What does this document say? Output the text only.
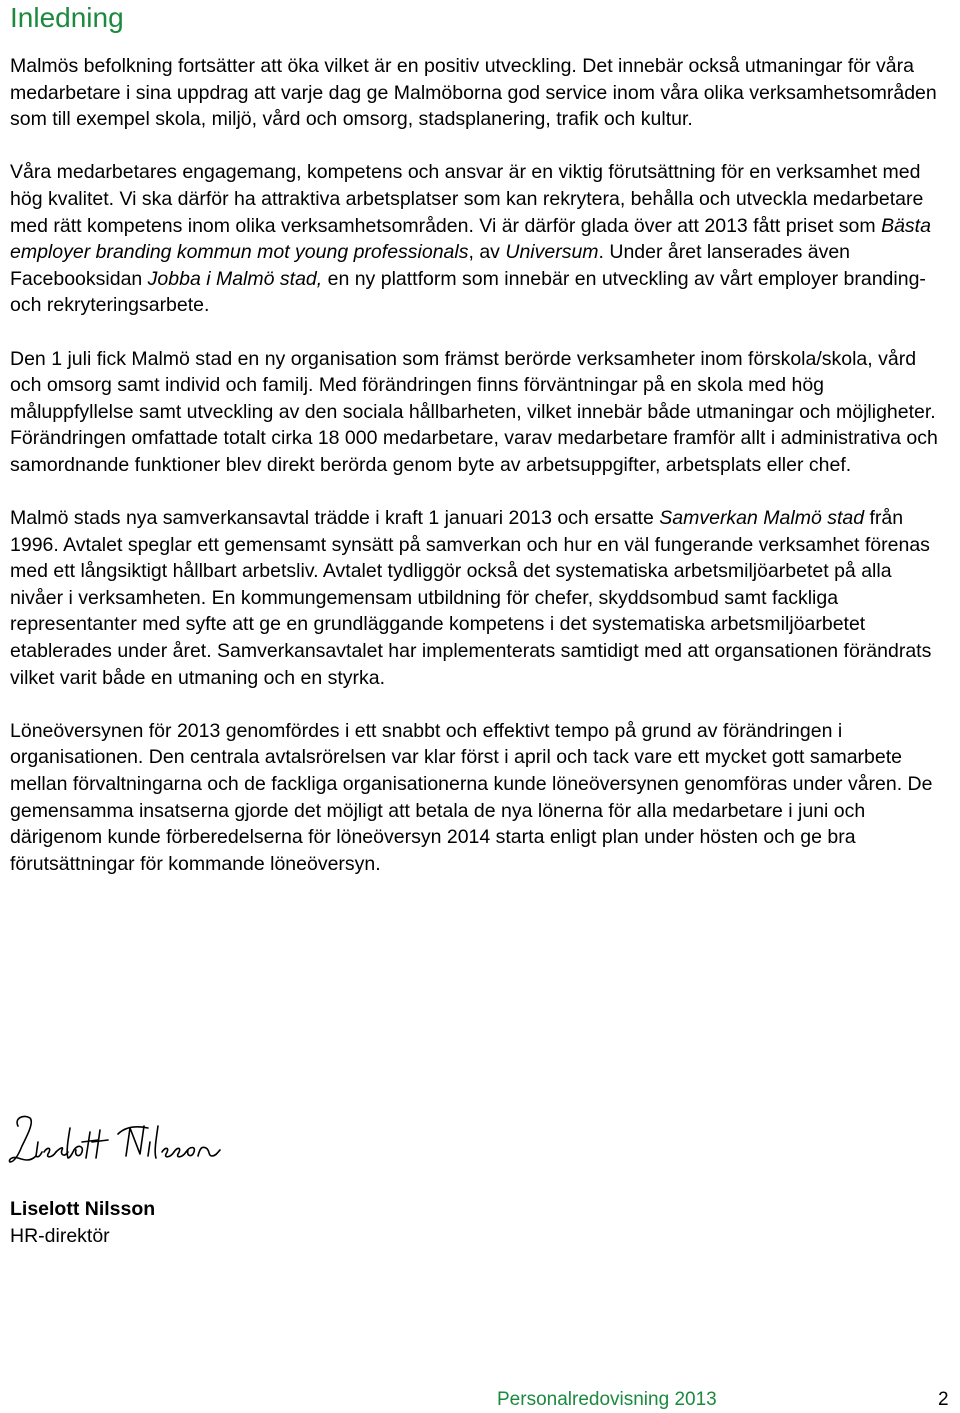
Inledning

Malmös befolkning fortsätter att öka vilket är en positiv utveckling. Det innebär också utmaningar för våra medarbetare i sina uppdrag att varje dag ge Malmöborna god service inom våra olika verksamhetsområden som till exempel skola, miljö, vård och omsorg, stadsplanering, trafik och kultur.

Våra medarbetares engagemang, kompetens och ansvar är en viktig förutsättning för en verksamhet med hög kvalitet. Vi ska därför ha attraktiva arbetsplatser som kan rekrytera, behålla och utveckla medarbetare med rätt kompetens inom olika verksamhetsområden. Vi är därför glada över att 2013 fått priset som Bästa employer branding kommun mot young professionals, av Universum. Under året lanserades även Facebooksidan Jobba i Malmö stad, en ny plattform som innebär en utveckling av vårt employer branding- och rekryteringsarbete.

Den 1 juli fick Malmö stad en ny organisation som främst berörde verksamheter inom förskola/skola, vård och omsorg samt individ och familj. Med förändringen finns förväntningar på en skola med hög måluppfyllelse samt utveckling av den sociala hållbarheten, vilket innebär både utmaningar och möjligheter. Förändringen omfattade totalt cirka 18 000 medarbetare, varav medarbetare framför allt i administrativa och samordnande funktioner blev direkt berörda genom byte av arbetsuppgifter, arbetsplats eller chef.

Malmö stads nya samverkansavtal trädde i kraft 1 januari 2013 och ersatte Samverkan Malmö stad från 1996. Avtalet speglar ett gemensamt synsätt på samverkan och hur en väl fungerande verksamhet förenas med ett långsiktigt hållbart arbetsliv. Avtalet tydliggör också det systematiska arbetsmiljöarbetet på alla nivåer i verksamheten. En kommungemensam utbildning för chefer, skyddsombud samt fackliga representanter med syfte att ge en grundläggande kompetens i det systematiska arbetsmiljöarbetet etablerades under året. Samverkansavtalet har implementerats samtidigt med att organsationen förändrats vilket varit både en utmaning och en styrka.

Löneöversynen för 2013 genomfördes i ett snabbt och effektivt tempo på grund av förändringen i organisationen. Den centrala avtalsrörelsen var klar först i april och tack vare ett mycket gott samarbete mellan förvaltningarna och de fackliga organisationerna kunde löneöversynen genomföras under våren. De gemensamma insatserna gjorde det möjligt att betala de nya lönerna för alla medarbetare i juni och därigenom kunde förberedelserna för löneöversyn 2014 starta enligt plan under hösten och ge bra förutsättningar för kommande löneöversyn.

Liselott Nilsson
HR-direktör
Personalredovisning 2013	2
